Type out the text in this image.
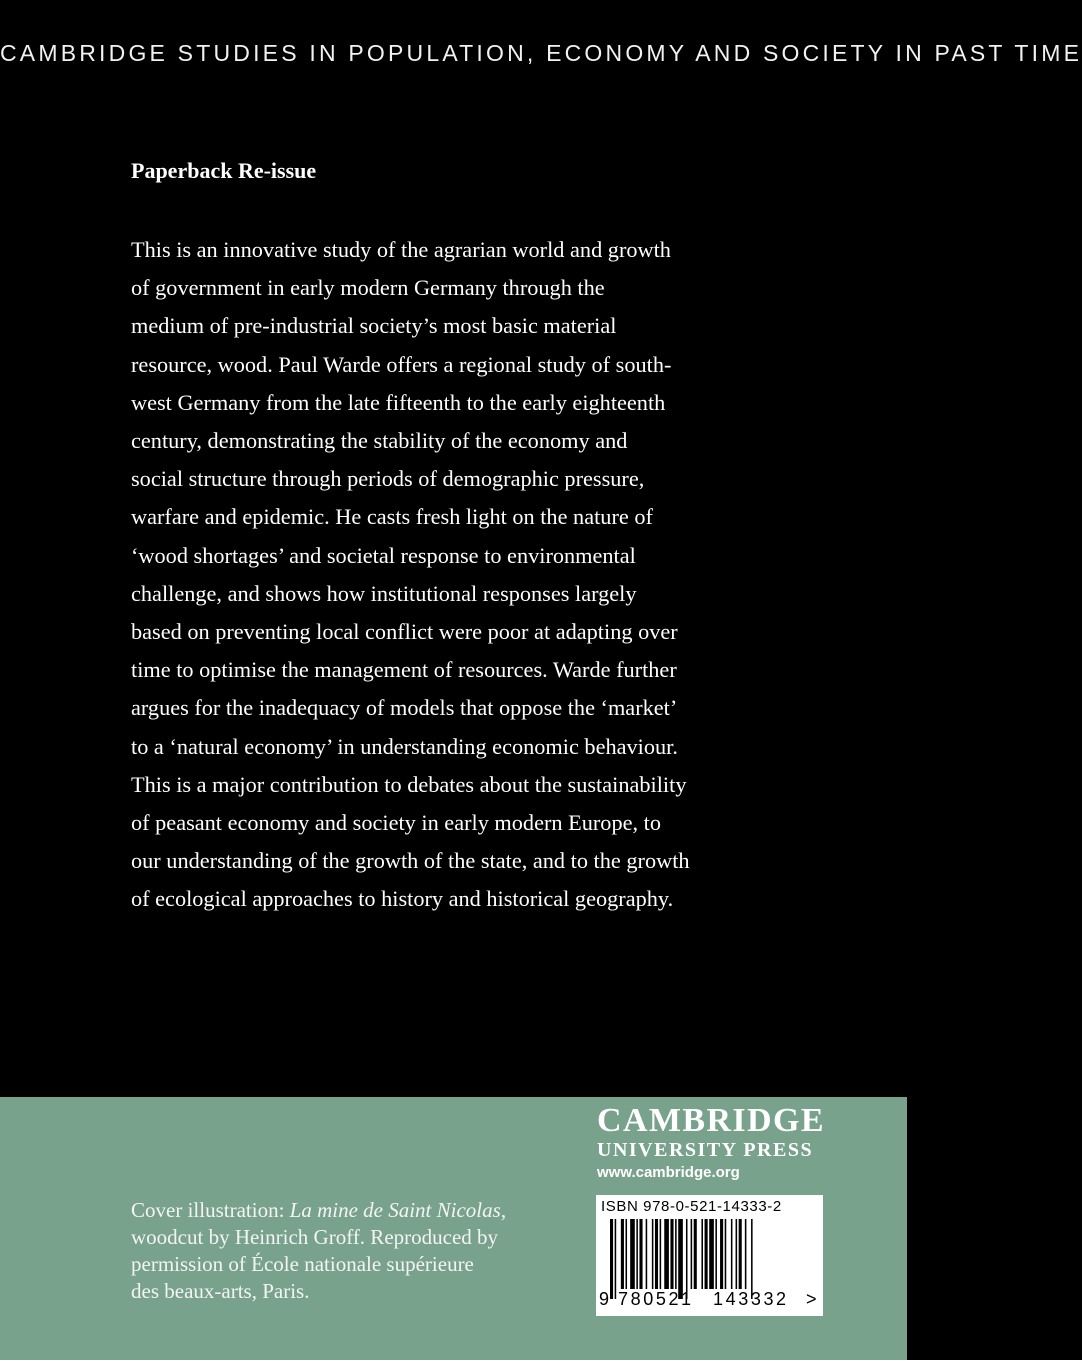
CAMBRIDGE STUDIES IN POPULATION, ECONOMY AND SOCIETY IN PAST TIME
Paperback Re-issue
This is an innovative study of the agrarian world and growth
of government in early modern Germany through the
medium of pre-industrial society’s most basic material
resource, wood. Paul Warde offers a regional study of south-
west Germany from the late fifteenth to the early eighteenth
century, demonstrating the stability of the economy and
social structure through periods of demographic pressure,
warfare and epidemic. He casts fresh light on the nature of
‘wood shortages’ and societal response to environmental
challenge, and shows how institutional responses largely
based on preventing local conflict were poor at adapting over
time to optimise the management of resources. Warde further
argues for the inadequacy of models that oppose the ‘market’
to a ‘natural economy’ in understanding economic behaviour.
This is a major contribution to debates about the sustainability
of peasant economy and society in early modern Europe, to
our understanding of the growth of the state, and to the growth
of ecological approaches to history and historical geography.
CAMBRIDGE
UNIVERSITY PRESS
www.cambridge.org
Cover illustration: La mine de Saint Nicolas,
woodcut by Heinrich Groff. Reproduced by
permission of École nationale supérieure
des beaux-arts, Paris.
ISBN 978-0-521-14333-2
9 780521 143332 >
